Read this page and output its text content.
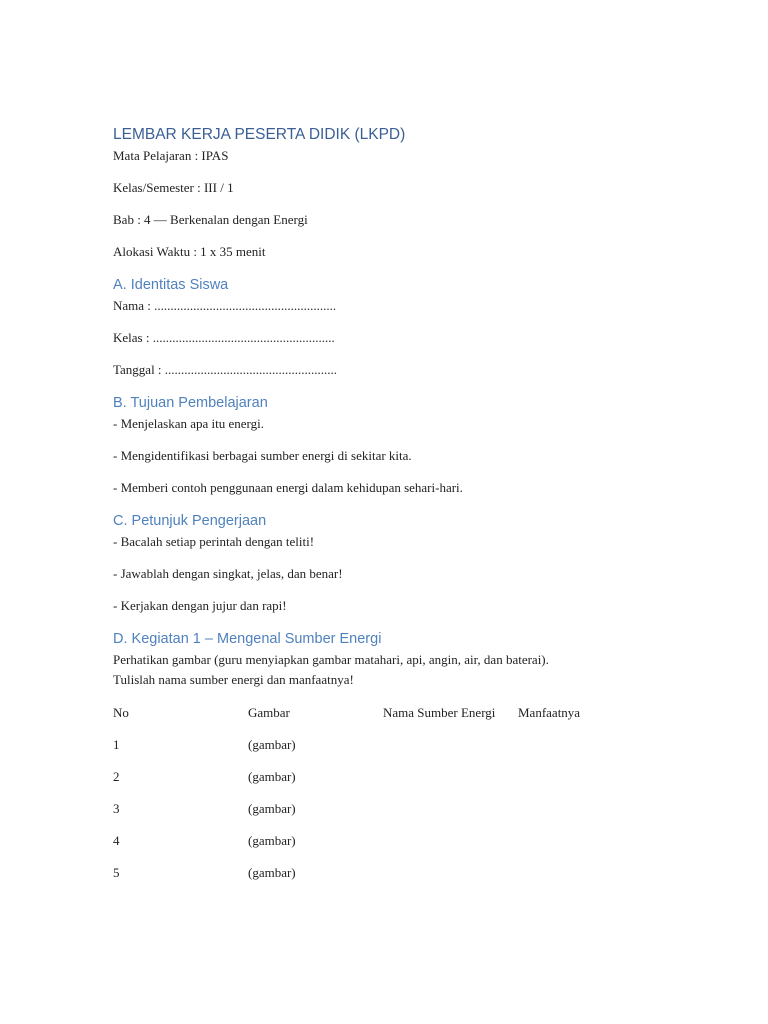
LEMBAR KERJA PESERTA DIDIK (LKPD)

Mata Pelajaran : IPAS

Kelas/Semester : III / 1

Bab : 4 — Berkenalan dengan Energi

Alokasi Waktu : 1 x 35 menit

A. Identitas Siswa

Nama : ........................................................

Kelas : ........................................................

Tanggal : .....................................................

B. Tujuan Pembelajaran

- Menjelaskan apa itu energi.

- Mengidentifikasi berbagai sumber energi di sekitar kita.

- Memberi contoh penggunaan energi dalam kehidupan sehari-hari.

C. Petunjuk Pengerjaan

- Bacalah setiap perintah dengan teliti!

- Jawablah dengan singkat, jelas, dan benar!

- Kerjakan dengan jujur dan rapi!

D. Kegiatan 1 – Mengenal Sumber Energi

Perhatikan gambar (guru menyiapkan gambar matahari, api, angin, air, dan baterai).

Tulislah nama sumber energi dan manfaatnya!

No	Gambar	Nama Sumber Energi	Manfaatnya
1	(gambar)		
2	(gambar)		
3	(gambar)		
4	(gambar)		
5	(gambar)		
